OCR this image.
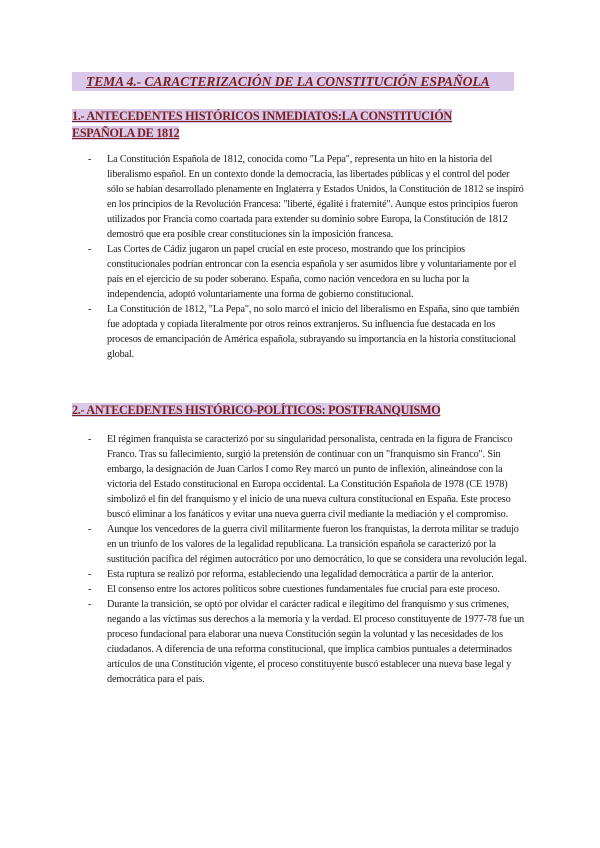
TEMA 4.- CARACTERIZACIÓN DE LA CONSTITUCIÓN ESPAÑOLA
1.- ANTECEDENTES HISTÓRICOS INMEDIATOS:LA CONSTITUCIÓN ESPAÑOLA DE 1812
- La Constitución Española de 1812, conocida como "La Pepa", representa un hito en la historia del liberalismo español. En un contexto donde la democracia, las libertades públicas y el control del poder sólo se habían desarrollado plenamente en Inglaterra y Estados Unidos, la Constitución de 1812 se inspiró en los principios de la Revolución Francesa: "liberté, égalité i fraternité". Aunque estos principios fueron utilizados por Francia como coartada para extender su dominio sobre Europa, la Constitución de 1812 demostró que era posible crear constituciones sin la imposición francesa.
- Las Cortes de Cádiz jugaron un papel crucial en este proceso, mostrando que los principios constitucionales podrían entroncar con la esencia española y ser asumidos libre y voluntariamente por el país en el ejercicio de su poder soberano. España, como nación vencedora en su lucha por la independencia, adoptó voluntariamente una forma de gobierno constitucional.
- La Constitución de 1812, "La Pepa", no solo marcó el inicio del liberalismo en España, sino que también fue adoptada y copiada literalmente por otros reinos extranjeros. Su influencia fue destacada en los procesos de emancipación de América española, subrayando su importancia en la historia constitucional global.
2.- ANTECEDENTES HISTÓRICO-POLÍTICOS: POSTFRANQUISMO
- El régimen franquista se caracterizó por su singularidad personalista, centrada en la figura de Francisco Franco. Tras su fallecimiento, surgió la pretensión de continuar con un "franquismo sin Franco". Sin embargo, la designación de Juan Carlos I como Rey marcó un punto de inflexión, alineándose con la victoria del Estado constitucional en Europa occidental. La Constitución Española de 1978 (CE 1978) simbolizó el fin del franquismo y el inicio de una nueva cultura constitucional en España. Este proceso buscó eliminar a los fanáticos y evitar una nueva guerra civil mediante la mediación y el compromiso.
- Aunque los vencedores de la guerra civil militarmente fueron los franquistas, la derrota militar se tradujo en un triunfo de los valores de la legalidad republicana. La transición española se caracterizó por la sustitución pacífica del régimen autocrático por uno democrático, lo que se considera una revolución legal.
- Esta ruptura se realizó por reforma, estableciendo una legalidad democrática a partir de la anterior.
- El consenso entre los actores políticos sobre cuestiones fundamentales fue crucial para este proceso.
- Durante la transición, se optó por olvidar el carácter radical e ilegítimo del franquismo y sus crímenes, negando a las víctimas sus derechos a la memoria y la verdad. El proceso constituyente de 1977-78 fue un proceso fundacional para elaborar una nueva Constitución según la voluntad y las necesidades de los ciudadanos. A diferencia de una reforma constitucional, que implica cambios puntuales a determinados artículos de una Constitución vigente, el proceso constituyente buscó establecer una nueva base legal y democrática para el país.
